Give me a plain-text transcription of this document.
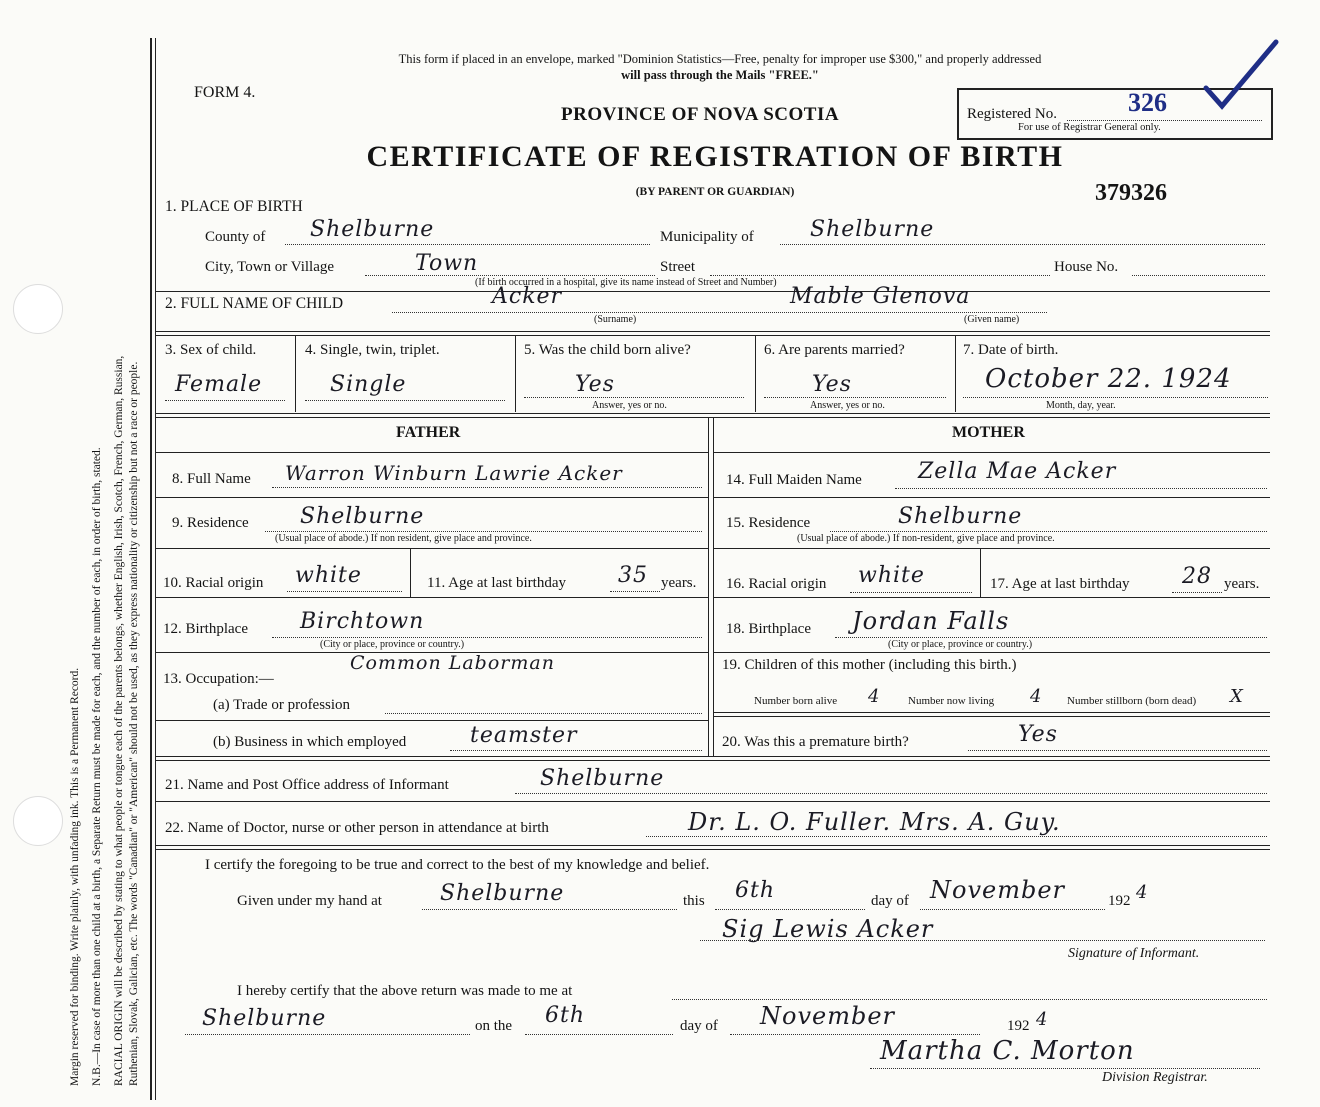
Margin reserved for binding. Write plainly, with unfading ink. This is a Permanent Record. N.B.—In case of more than one child at a birth, a Separate Return must be made for each, and the number of each, in order of birth, stated. RACIAL ORIGIN will be described by stating to what people or tongue each of the parents belongs, whether English, Irish, Scotch, French, German, Russian, Ruthenian, Slovak, Galician, etc. The words "Canadian" or "American" should not be used, as they express nationality or citizenship but not a race or people.
This form if placed in an envelope, marked "Dominion Statistics—Free, penalty for improper use $300," and properly addressed
will pass through the Mails "FREE."
FORM 4.
PROVINCE OF NOVA SCOTIA	Registered No.	326
For use of Registrar General only.
CERTIFICATE OF REGISTRATION OF BIRTH
(BY PARENT OR GUARDIAN)	379326
1. PLACE OF BIRTH
County of Shelburne	Municipality of	Shelburne
City, Town or Village	Town	Street	House No.
(If birth occurred in a hospital, give its name instead of Street and Number)
2. FULL NAME OF CHILD	Acker
(Surname)
Mable Glenova
(Given name)
3. Sex of child.
Female
4. Single, twin, triplet.
Single
5. Was the child born alive?
Yes
Answer, yes or no.
6. Are parents married?
Yes
Answer, yes or no.
7. Date of birth.
October 22. 1924
Month, day, year.
FATHER
8. Full Name Warron Winburn Lawrie Acker
9. Residence Shelburne
(Usual place of abode.) If non resident, give place and province.
10. Racial origin white	11. Age at last birthday 35 years.
12. Birthplace Birchtown
(City or place, province or country.)
13. Occupation:—
Common Laborman
(a) Trade or profession
(b) Business in which employed	teamster
MOTHER
14. Full Maiden Name	Zella Mae Acker
15. Residence	Shelburne
(Usual place of abode.) If non-resident, give place and province.
16. Racial origin white	17. Age at last birthday 28 years.
18. Birthplace Jordan Falls
(City or place, province or country.)
19. Children of this mother (including this birth.)
Number born alive 4	Number now living 4 Number stillborn (born dead) X
20. Was this a premature birth?	Yes
21. Name and Post Office address of Informant	Shelburne
22. Name of Doctor, nurse or other person in attendance at birth	Dr. L. O. Fuller. Mrs. A. Guy.
I certify the foregoing to be true and correct to the best of my knowledge and belief.
Given under my hand at	Shelburne	this 6th	day of November	192 4
Sig Lewis Acker
Signature of Informant.
I hereby certify that the above return was made to me at
Shelburne	on the 6th	day of November	192 4
Martha C. Morton
Division Registrar.
